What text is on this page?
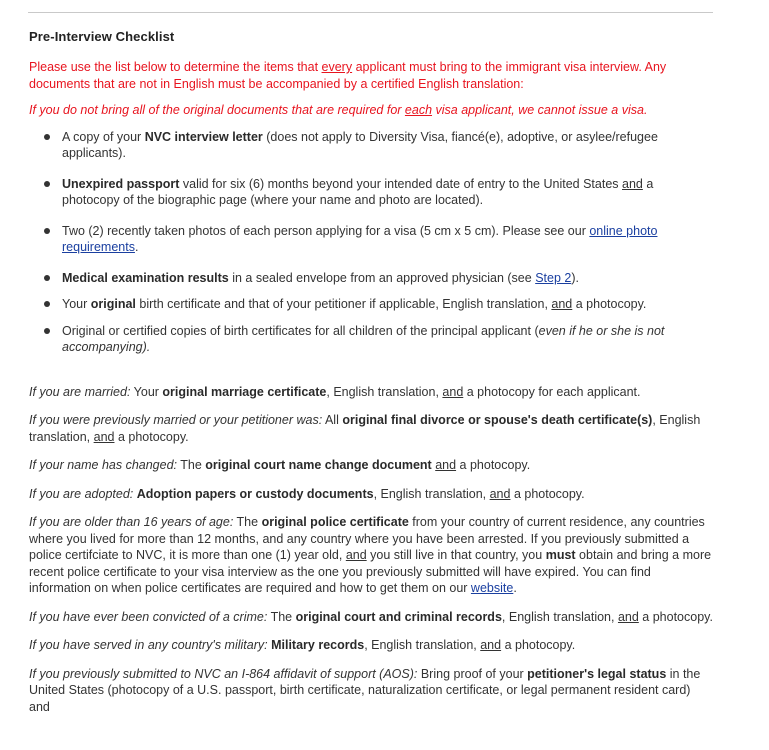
Pre-Interview Checklist

Please use the list below to determine the items that every applicant must bring to the immigrant visa interview. Any documents that are not in English must be accompanied by a certified English translation:

If you do not bring all of the original documents that are required for each visa applicant, we cannot issue a visa.

A copy of your NVC interview letter (does not apply to Diversity Visa, fiancé(e), adoptive, or asylee/refugee applicants).
Unexpired passport valid for six (6) months beyond your intended date of entry to the United States and a photocopy of the biographic page (where your name and photo are located).
Two (2) recently taken photos of each person applying for a visa (5 cm x 5 cm). Please see our online photo requirements.
Medical examination results in a sealed envelope from an approved physician (see Step 2).
Your original birth certificate and that of your petitioner if applicable, English translation, and a photocopy.
Original or certified copies of birth certificates for all children of the principal applicant (even if he or she is not accompanying).

If you are married: Your original marriage certificate, English translation, and a photocopy for each applicant.

If you were previously married or your petitioner was: All original final divorce or spouse's death certificate(s), English translation, and a photocopy.

If your name has changed: The original court name change document and a photocopy.

If you are adopted: Adoption papers or custody documents, English translation, and a photocopy.

If you are older than 16 years of age: The original police certificate from your country of current residence, any countries where you lived for more than 12 months, and any country where you have been arrested. If you previously submitted a police certifciate to NVC, it is more than one (1) year old, and you still live in that country, you must obtain and bring a more recent police certificate to your visa interview as the one you previously submitted will have expired. You can find information on when police certificates are required and how to get them on our website.

If you have ever been convicted of a crime: The original court and criminal records, English translation, and a photocopy.

If you have served in any country's military: Military records, English translation, and a photocopy.

If you previously submitted to NVC an I-864 affidavit of support (AOS): Bring proof of your petitioner's legal status in the United States (photocopy of a U.S. passport, birth certificate, naturalization certificate, or legal permanent resident card) and
